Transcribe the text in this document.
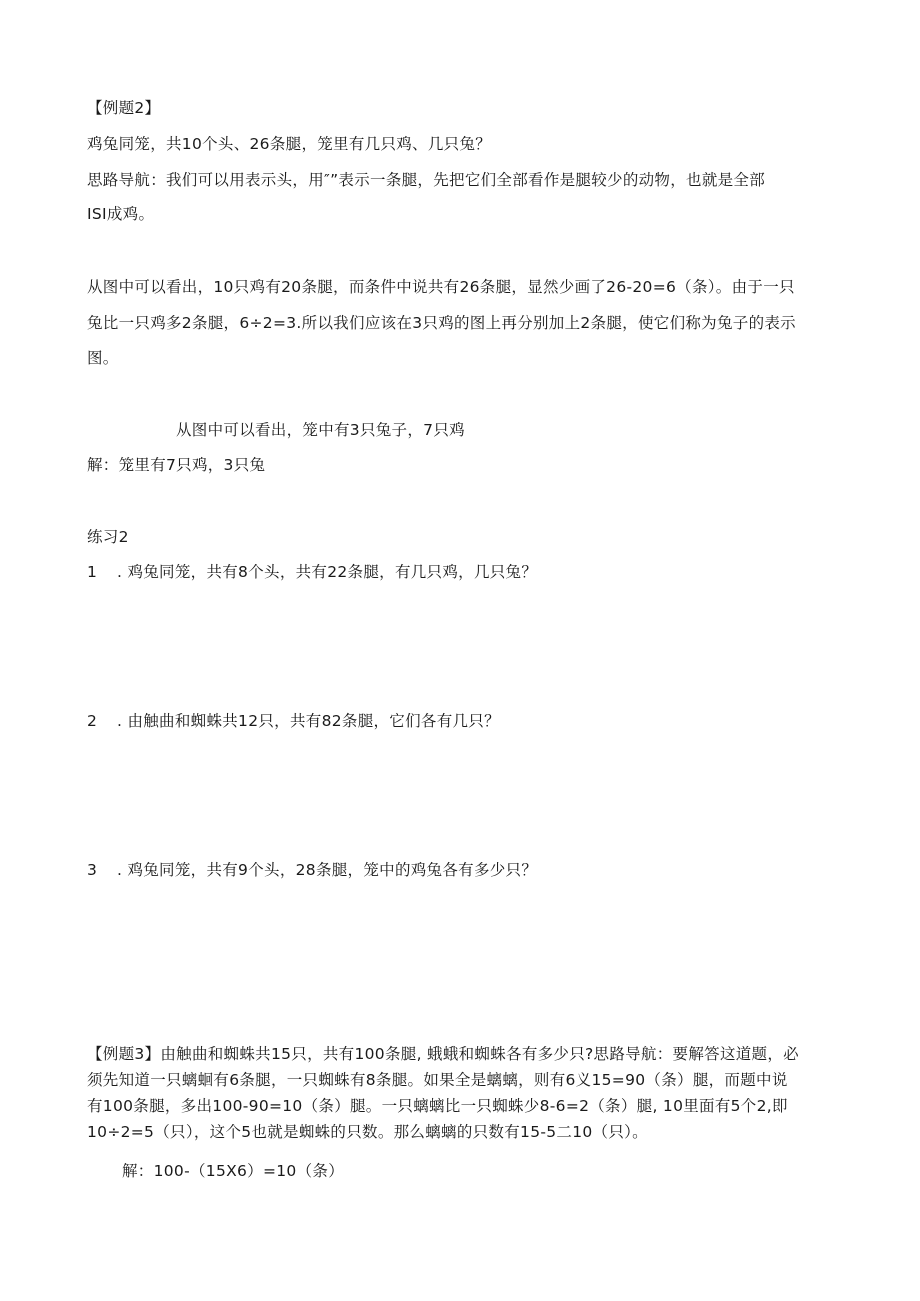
【例题2】
鸡兔同笼，共10个头、26条腿，笼里有几只鸡、几只兔？
思路导航：我们可以用表示头，用″”表示一条腿，先把它们全部看作是腿较少的动物，也就是全部
ISI成鸡。
从图中可以看出，10只鸡有20条腿，而条件中说共有26条腿，显然少画了26-20=6（条）。由于一只
兔比一只鸡多2条腿，6÷2=3.所以我们应该在3只鸡的图上再分别加上2条腿，使它们称为兔子的表示
图。
从图中可以看出，笼中有3只兔子，7只鸡
解：笼里有7只鸡，3只兔
练习2
1 . 鸡兔同笼，共有8个头，共有22条腿，有几只鸡，几只兔？
2 . 由触曲和蜘蛛共12只，共有82条腿，它们各有几只？
3 . 鸡兔同笼，共有9个头，28条腿，笼中的鸡兔各有多少只？
【例题3】由触曲和蜘蛛共15只，共有100条腿, 蛾蛾和蜘蛛各有多少只?思路导航：要解答这道题，必
须先知道一只螭蛔有6条腿，一只蜘蛛有8条腿。如果全是螭螭，则有6义15=90（条）腿，而题中说
有100条腿，多出100-90=10（条）腿。一只螭螭比一只蜘蛛少8-6=2（条）腿, 10里面有5个2,即
10÷2=5（只），这个5也就是蜘蛛的只数。那么螭螭的只数有15-5二10（只）。
解：100-（15X6）=10（条）
